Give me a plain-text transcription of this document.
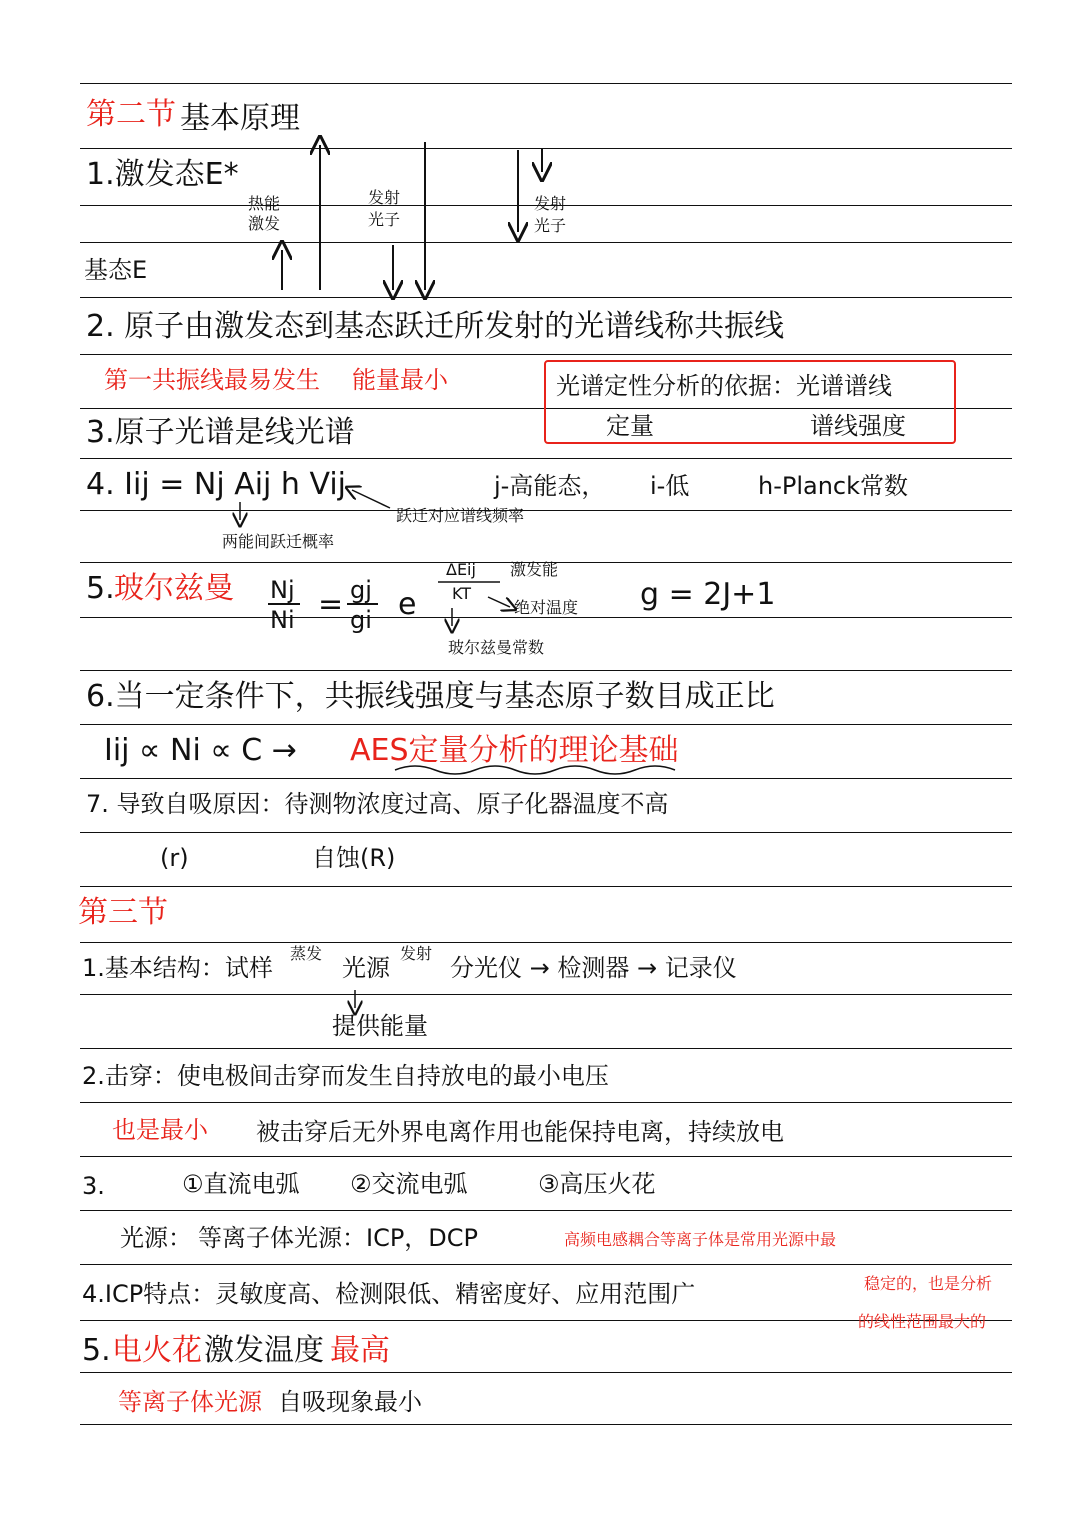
第二节 基本原理
1.激发态E*
基态E
热能
激发
发射
光子
发射
光子
2. 原子由激发态到基态跃迁所发射的光谱线称共振线
第一共振线最易发生 能量最小	光谱定性分析的依据：光谱谱线
定量	谱线强度
3.原子光谱是线光谱
4. Iij = Nj Aij h Vij	j-高能态， i-低	h-Planck常数
跃迁对应谱线频率
两能间跃迁概率
5. 玻尔兹曼 Nj
Ni = gj
gi e
ΔEij
KT
激发能
绝对温度
玻尔兹曼常数
g = 2J+1
6.当一定条件下，共振线强度与基态原子数目成正比
Iij ∝ Ni ∝ C → AES定量分析的理论基础
7. 导致自吸原因：待测物浓度过高、原子化器温度不高
(r)	自蚀(R)
第三节
1.基本结构：试样
蒸发
光源
发射
分光仪 → 检测器 → 记录仪
提供能量
2.击穿：使电极间击穿而发生自持放电的最小电压
也是最小 被击穿后无外界电离作用也能保持电离，持续放电
3.	①直流电弧 ②交流电弧	③高压火花
光源： 等离子体光源：ICP，DCP	高频电感耦合等离子体是常用光源中最
稳定的，也是分析
的线性范围最大的
4.ICP特点：灵敏度高、检测限低、精密度好、应用范围广
5. 电火花 激发温度 最高
等离子体光源 自吸现象最小
